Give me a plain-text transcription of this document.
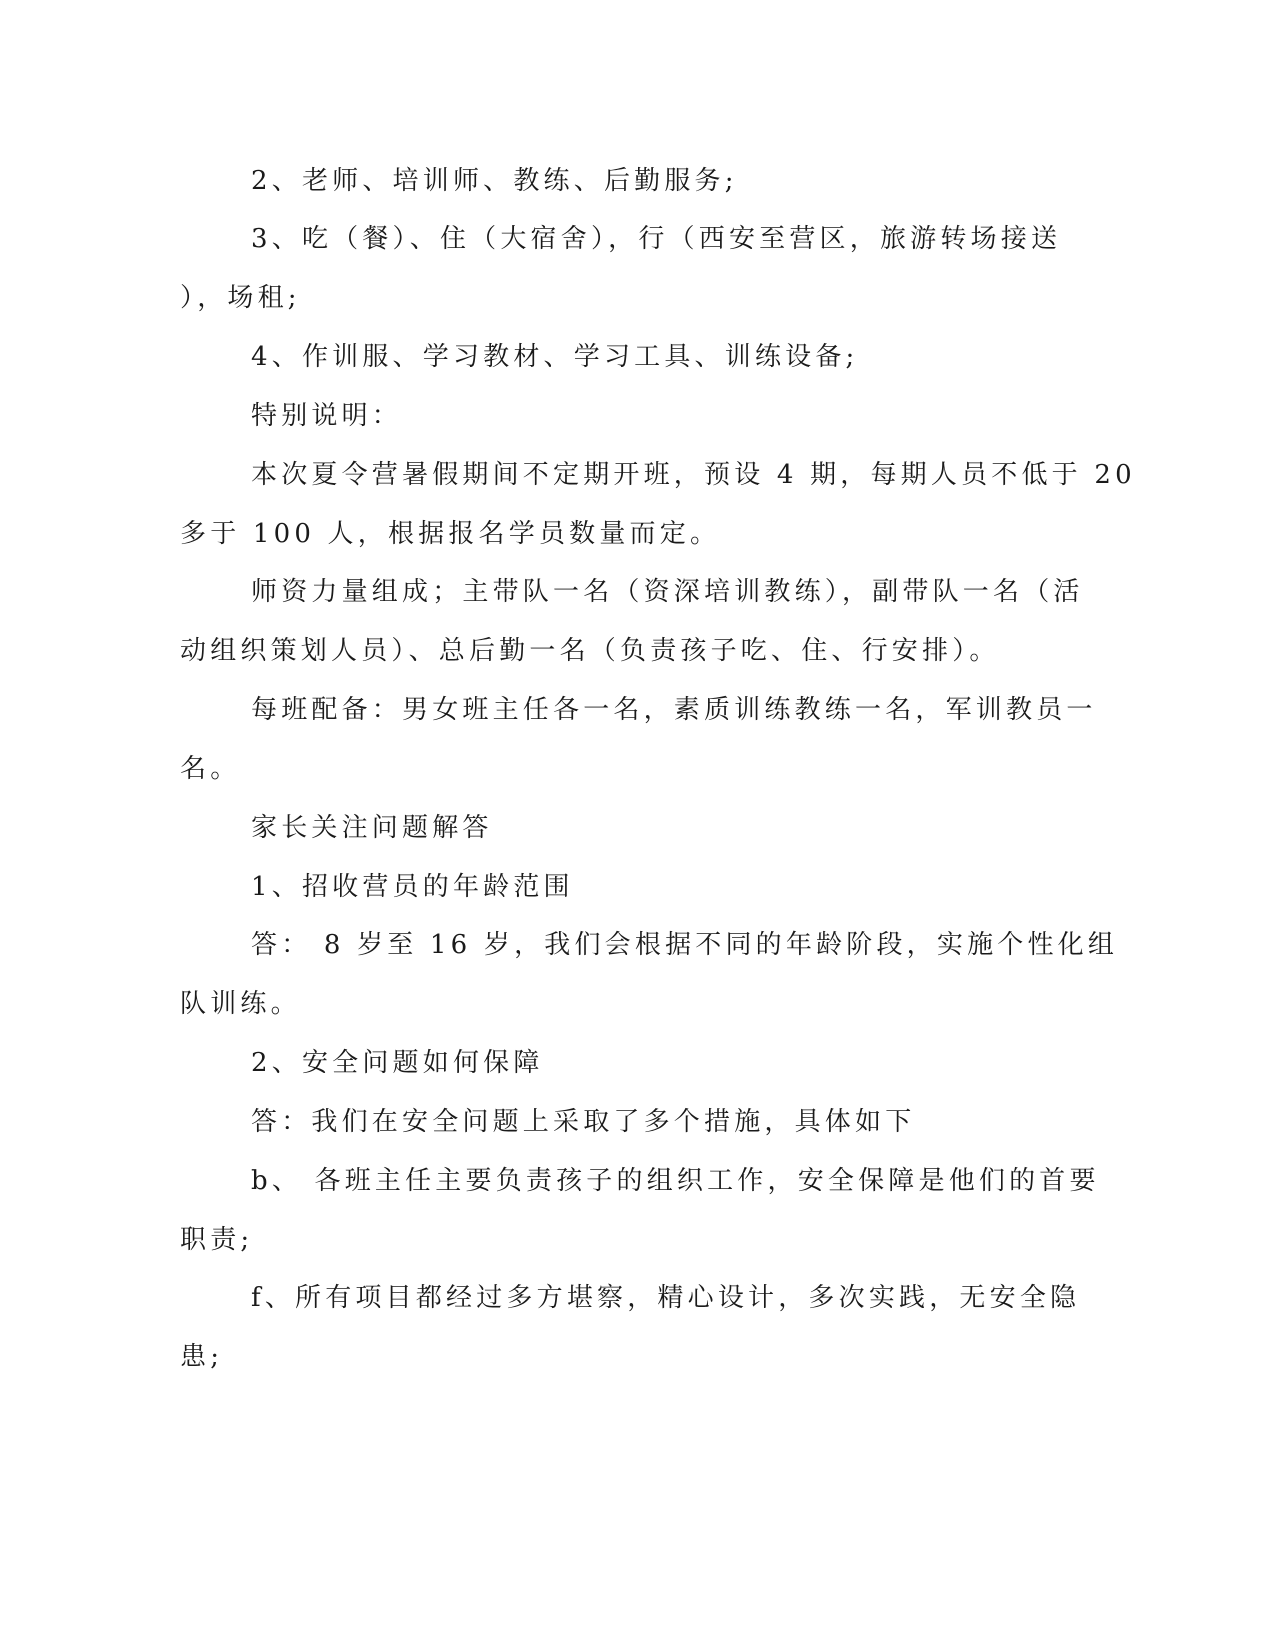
2、老师、培训师、教练、后勤服务;

3、吃（餐）、住（大宿舍），行（西安至营区，旅游转场接送

），场租;

4、作训服、学习教材、学习工具、训练设备;

特别说明：

本次夏令营暑假期间不定期开班，预设 4 期，每期人员不低于 20

多于 100 人，根据报名学员数量而定。

师资力量组成；主带队一名（资深培训教练），副带队一名（活

动组织策划人员）、总后勤一名（负责孩子吃、住、行安排）。

每班配备：男女班主任各一名，素质训练教练一名，军训教员一

名。

家长关注问题解答

1、招收营员的年龄范围

答： 8 岁至 16 岁，我们会根据不同的年龄阶段，实施个性化组

队训练。

2、安全问题如何保障

答：我们在安全问题上采取了多个措施，具体如下

b、 各班主任主要负责孩子的组织工作，安全保障是他们的首要

职责;

f、所有项目都经过多方堪察，精心设计，多次实践，无安全隐

患;
